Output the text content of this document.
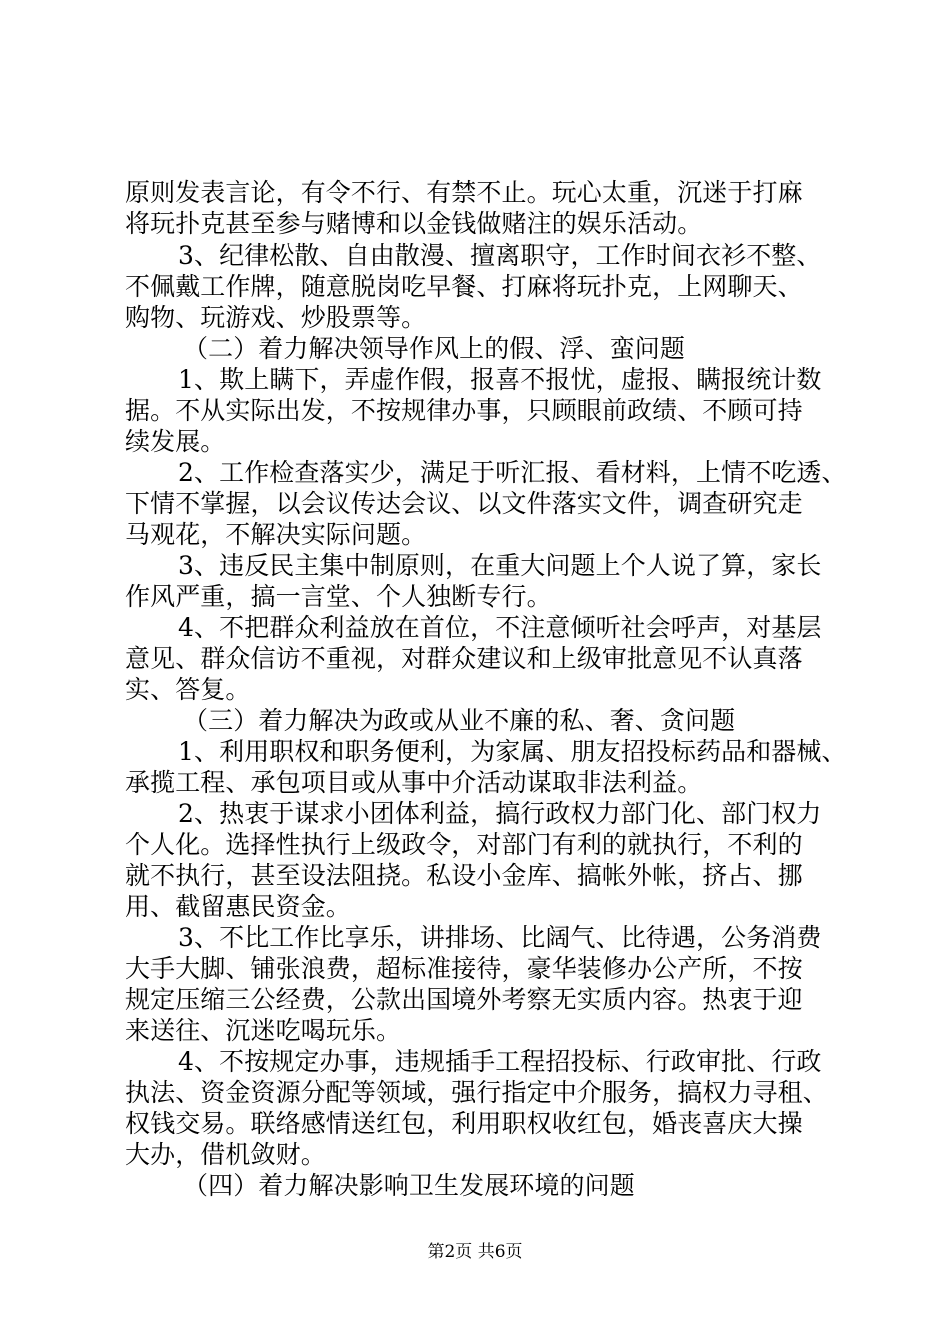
原则发表言论，有令不行、有禁不止。玩心太重，沉迷于打麻
将玩扑克甚至参与赌博和以金钱做赌注的娱乐活动。
3、纪律松散、自由散漫、擅离职守，工作时间衣衫不整、
不佩戴工作牌，随意脱岗吃早餐、打麻将玩扑克，上网聊天、
购物、玩游戏、炒股票等。
（二）着力解决领导作风上的假、浮、蛮问题
1、欺上瞒下，弄虚作假，报喜不报忧，虚报、瞒报统计数
据。不从实际出发，不按规律办事，只顾眼前政绩、不顾可持
续发展。
2、工作检查落实少，满足于听汇报、看材料，上情不吃透、
下情不掌握，以会议传达会议、以文件落实文件，调查研究走
马观花，不解决实际问题。
3、违反民主集中制原则，在重大问题上个人说了算，家长
作风严重，搞一言堂、个人独断专行。
4、不把群众利益放在首位，不注意倾听社会呼声，对基层
意见、群众信访不重视，对群众建议和上级审批意见不认真落
实、答复。
（三）着力解决为政或从业不廉的私、奢、贪问题
1、利用职权和职务便利，为家属、朋友招投标药品和器械、
承揽工程、承包项目或从事中介活动谋取非法利益。
2、热衷于谋求小团体利益，搞行政权力部门化、部门权力
个人化。选择性执行上级政令，对部门有利的就执行，不利的
就不执行，甚至设法阻挠。私设小金库、搞帐外帐，挤占、挪
用、截留惠民资金。
3、不比工作比享乐，讲排场、比阔气、比待遇，公务消费
大手大脚、铺张浪费，超标准接待，豪华装修办公产所，不按
规定压缩三公经费，公款出国境外考察无实质内容。热衷于迎
来送往、沉迷吃喝玩乐。
4、不按规定办事，违规插手工程招投标、行政审批、行政
执法、资金资源分配等领域，强行指定中介服务，搞权力寻租、
权钱交易。联络感情送红包，利用职权收红包，婚丧喜庆大操
大办，借机敛财。
（四）着力解决影响卫生发展环境的问题
第2页 共6页
